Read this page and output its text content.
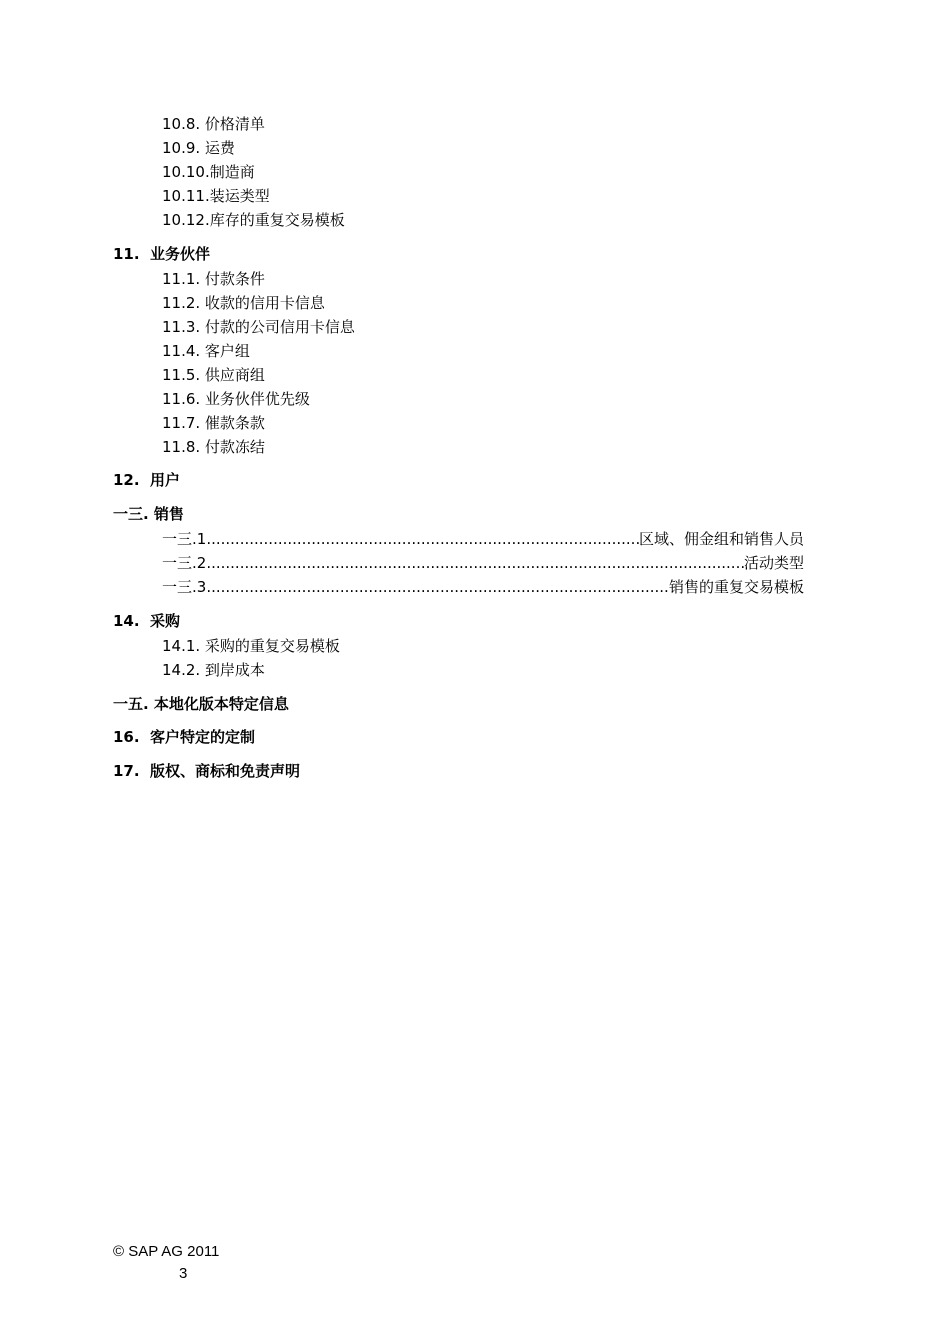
10.8. 价格清单
10.9. 运费
10.10.制造商
10.11.装运类型
10.12.库存的重复交易模板
11. 业务伙伴
11.1. 付款条件
11.2. 收款的信用卡信息
11.3. 付款的公司信用卡信息
11.4. 客户组
11.5. 供应商组
11.6. 业务伙伴优先级
11.7. 催款条款
11.8. 付款冻结
12. 用户
一三. 销售
一三.1 .....	区域、佣金组和销售人员
一三.2 .....	活动类型
一三.3 .....	销售的重复交易模板
14. 采购
14.1. 采购的重复交易模板
14.2. 到岸成本
一五. 本地化版本特定信息
16. 客户特定的定制
17. 版权、商标和免责声明
© SAP AG 2011
3
